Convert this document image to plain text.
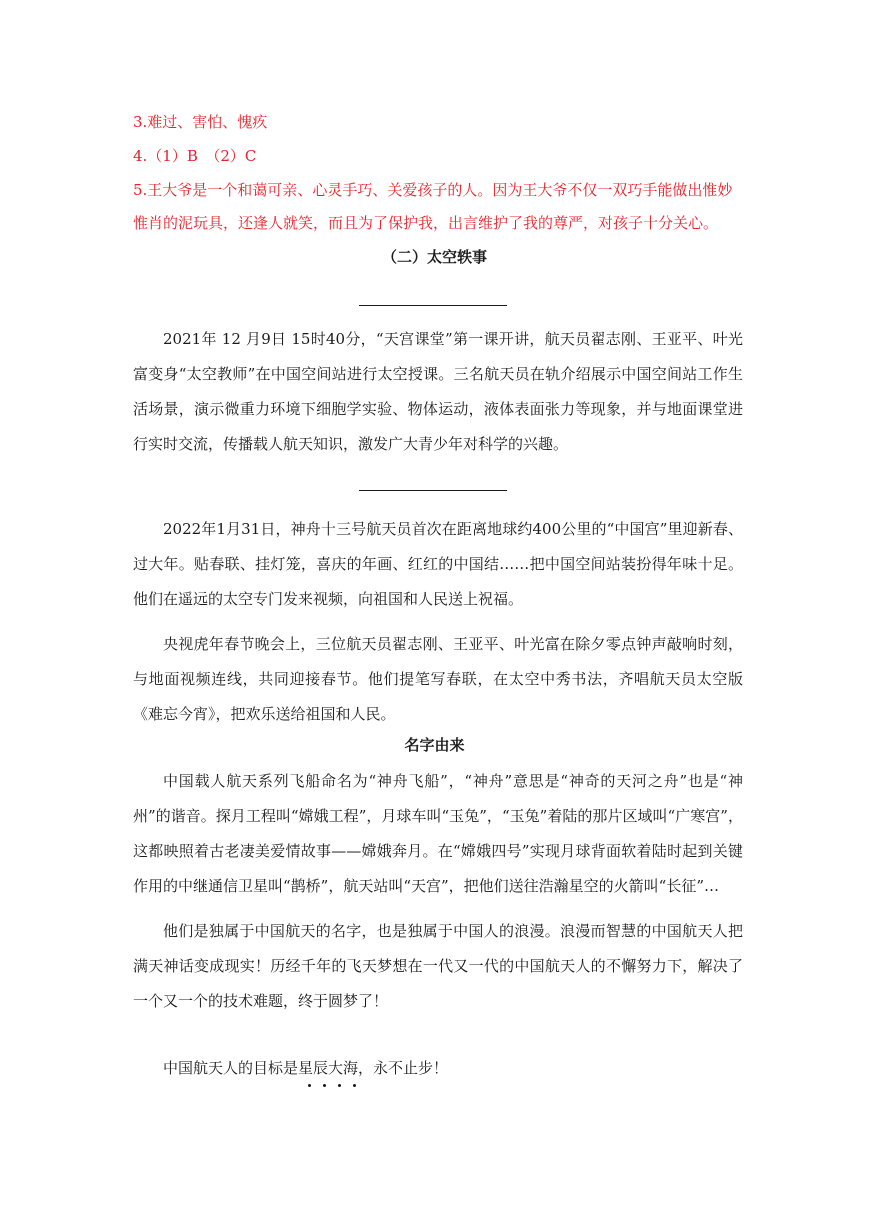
3.难过、害怕、愧疚
4.（1）B　（2）C
5.王大爷是一个和蔼可亲、心灵手巧、关爱孩子的人。因为王大爷不仅一双巧手能做出惟妙
惟肖的泥玩具，还逢人就笑，而且为了保护我，出言维护了我的尊严，对孩子十分关心。
（二）太空轶事

2021年 12 月9日 15时40分，“天宫课堂”第一课开讲，航天员翟志刚、王亚平、叶光富变身“太空教师”在中国空间站进行太空授课。三名航天员在轨介绍展示中国空间站工作生活场景，演示微重力环境下细胞学实验、物体运动，液体表面张力等现象，并与地面课堂进行实时交流，传播载人航天知识，激发广大青少年对科学的兴趣。

2022年1月31日，神舟十三号航天员首次在距离地球约400公里的“中国宫”里迎新春、过大年。贴春联、挂灯笼，喜庆的年画、红红的中国结……把中国空间站装扮得年味十足。他们在遥远的太空专门发来视频，向祖国和人民送上祝福。

央视虎年春节晚会上，三位航天员翟志刚、王亚平、叶光富在除夕零点钟声敲响时刻，与地面视频连线，共同迎接春节。他们提笔写春联，在太空中秀书法，齐唱航天员太空版《难忘今宵》，把欢乐送给祖国和人民。

名字由来

中国载人航天系列飞船命名为“神舟飞船”，“神舟”意思是“神奇的天河之舟”也是“神州”的谐音。探月工程叫“嫦娥工程”，月球车叫“玉兔”，“玉兔”着陆的那片区域叫“广寒宫”，这都映照着古老凄美爱情故事——嫦娥奔月。在“嫦娥四号”实现月球背面软着陆时起到关键作用的中继通信卫星叫“鹊桥”，航天站叫“天宫”，把他们送往浩瀚星空的火箭叫“长征”…

他们是独属于中国航天的名字，也是独属于中国人的浪漫。浪漫而智慧的中国航天人把满天神话变成现实！历经千年的飞天梦想在一代又一代的中国航天人的不懈努力下，解决了一个又一个的技术难题，终于圆梦了！

中国航天人的目标是星辰大海，永不止步！
